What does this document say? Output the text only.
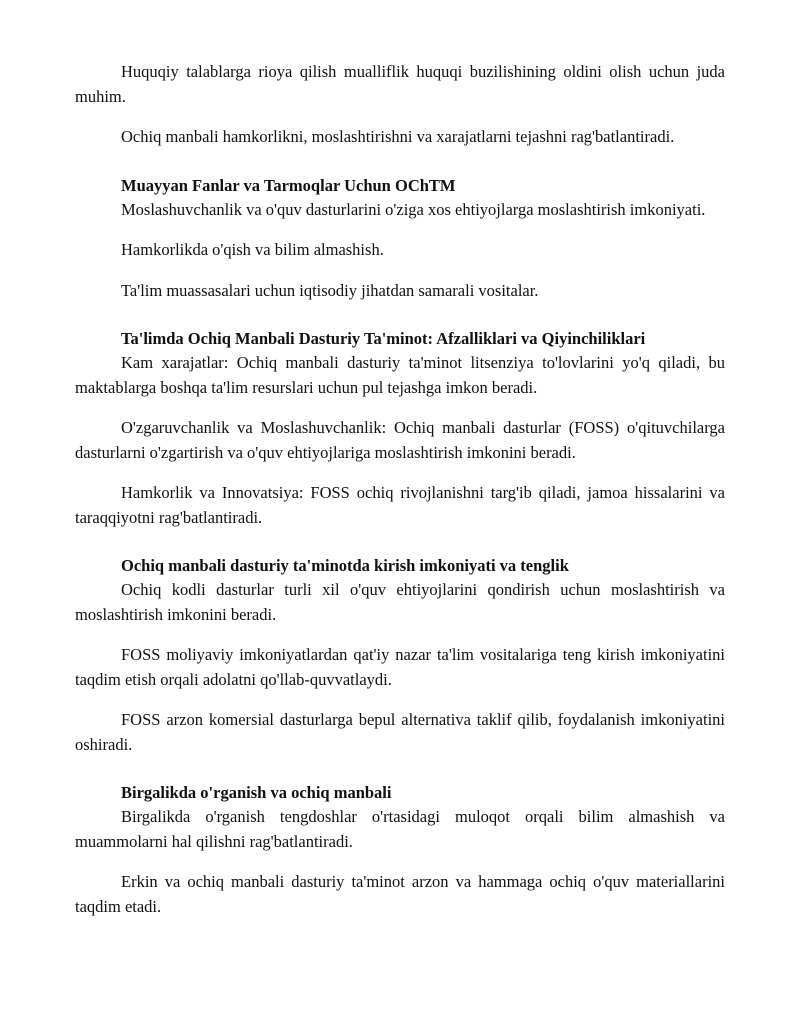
Huquqiy talablarga rioya qilish mualliflik huquqi buzilishining oldini olish uchun juda muhim.

Ochiq manbali hamkorlikni, moslashtirishni va xarajatlarni tejashni rag'batlantiradi.

Muayyan Fanlar va Tarmoqlar Uchun OChTM

Moslashuvchanlik va o'quv dasturlarini o'ziga xos ehtiyojlarga moslashtirish imkoniyati.

Hamkorlikda o'qish va bilim almashish.

Ta'lim muassasalari uchun iqtisodiy jihatdan samarali vositalar.

Ta'limda Ochiq Manbali Dasturiy Ta'minot: Afzalliklari va Qiyinchiliklari

Kam xarajatlar: Ochiq manbali dasturiy ta'minot litsenziya to'lovlarini yo'q qiladi, bu maktablarga boshqa ta'lim resurslari uchun pul tejashga imkon beradi.

O'zgaruvchanlik va Moslashuvchanlik: Ochiq manbali dasturlar (FOSS) o'qituvchilarga dasturlarni o'zgartirish va o'quv ehtiyojlariga moslashtirish imkonini beradi.

Hamkorlik va Innovatsiya: FOSS ochiq rivojlanishni targ'ib qiladi, jamoa hissalarini va taraqqiyotni rag'batlantiradi.

Ochiq manbali dasturiy ta'minotda kirish imkoniyati va tenglik

Ochiq kodli dasturlar turli xil o'quv ehtiyojlarini qondirish uchun moslashtirish va moslashtirish imkonini beradi.

FOSS moliyaviy imkoniyatlardan qat'iy nazar ta'lim vositalariga teng kirish imkoniyatini taqdim etish orqali adolatni qo'llab-quvvatlaydi.

FOSS arzon komersial dasturlarga bepul alternativa taklif qilib, foydalanish imkoniyatini oshiradi.

Birgalikda o'rganish va ochiq manbali

Birgalikda o'rganish tengdoshlar o'rtasidagi muloqot orqali bilim almashish va muammolarni hal qilishni rag'batlantiradi.

Erkin va ochiq manbali dasturiy ta'minot arzon va hammaga ochiq o'quv materiallarini taqdim etadi.
